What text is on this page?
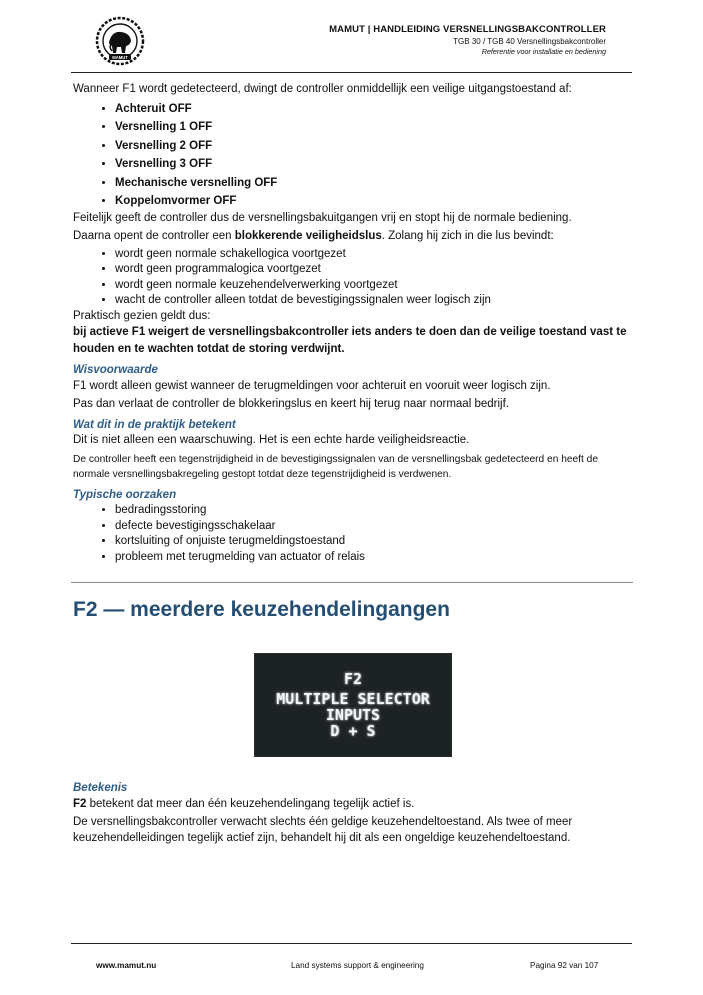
MAMUT
MAMUT | HANDLEIDING VERSNELLINGSBAKCONTROLLER
TGB 30 / TGB 40 Versnellingsbakcontroller
Referentie voor installatie en bediening

Wanneer F1 wordt gedetecteerd, dwingt de controller onmiddellijk een veilige uitgangstoestand af:

• Achteruit OFF
• Versnelling 1 OFF
• Versnelling 2 OFF
• Versnelling 3 OFF
• Mechanische versnelling OFF
• Koppelomvormer OFF

Feitelijk geeft de controller dus de versnellingsbakuitgangen vrij en stopt hij de normale bediening.

Daarna opent de controller een blokkerende veiligheidslus. Zolang hij zich in die lus bevindt:

• wordt geen normale schakellogica voortgezet
• wordt geen programmalogica voortgezet
• wordt geen normale keuzehendelverwerking voortgezet
• wacht de controller alleen totdat de bevestigingssignalen weer logisch zijn

Praktisch gezien geldt dus:

bij actieve F1 weigert de versnellingsbakcontroller iets anders te doen dan de veilige toestand vast te houden en te wachten totdat de storing verdwijnt.

Wisvoorwaarde

F1 wordt alleen gewist wanneer de terugmeldingen voor achteruit en vooruit weer logisch zijn.

Pas dan verlaat de controller de blokkeringslus en keert hij terug naar normaal bedrijf.

Wat dit in de praktijk betekent

Dit is niet alleen een waarschuwing. Het is een echte harde veiligheidsreactie.

De controller heeft een tegenstrijdigheid in de bevestigingssignalen van de versnellingsbak gedetecteerd en heeft de normale versnellingsbakregeling gestopt totdat deze tegenstrijdigheid is verdwenen.

Typische oorzaken

• bedradingsstoring
• defecte bevestigingsschakelaar
• kortsluiting of onjuiste terugmeldingstoestand
• probleem met terugmelding van actuator of relais
F2 — meerdere keuzehendelingangen
F2
MULTIPLE SELECTOR
INPUTS
D + S

Betekenis

F2 betekent dat meer dan één keuzehendelingang tegelijk actief is.

De versnellingsbakcontroller verwacht slechts één geldige keuzehendeltoestand. Als twee of meer keuzehendelleidingen tegelijk actief zijn, behandelt hij dit als een ongeldige keuzehendeltoestand.

www.mamut.nu	Land systems support & engineering	Pagina 92 van 107
